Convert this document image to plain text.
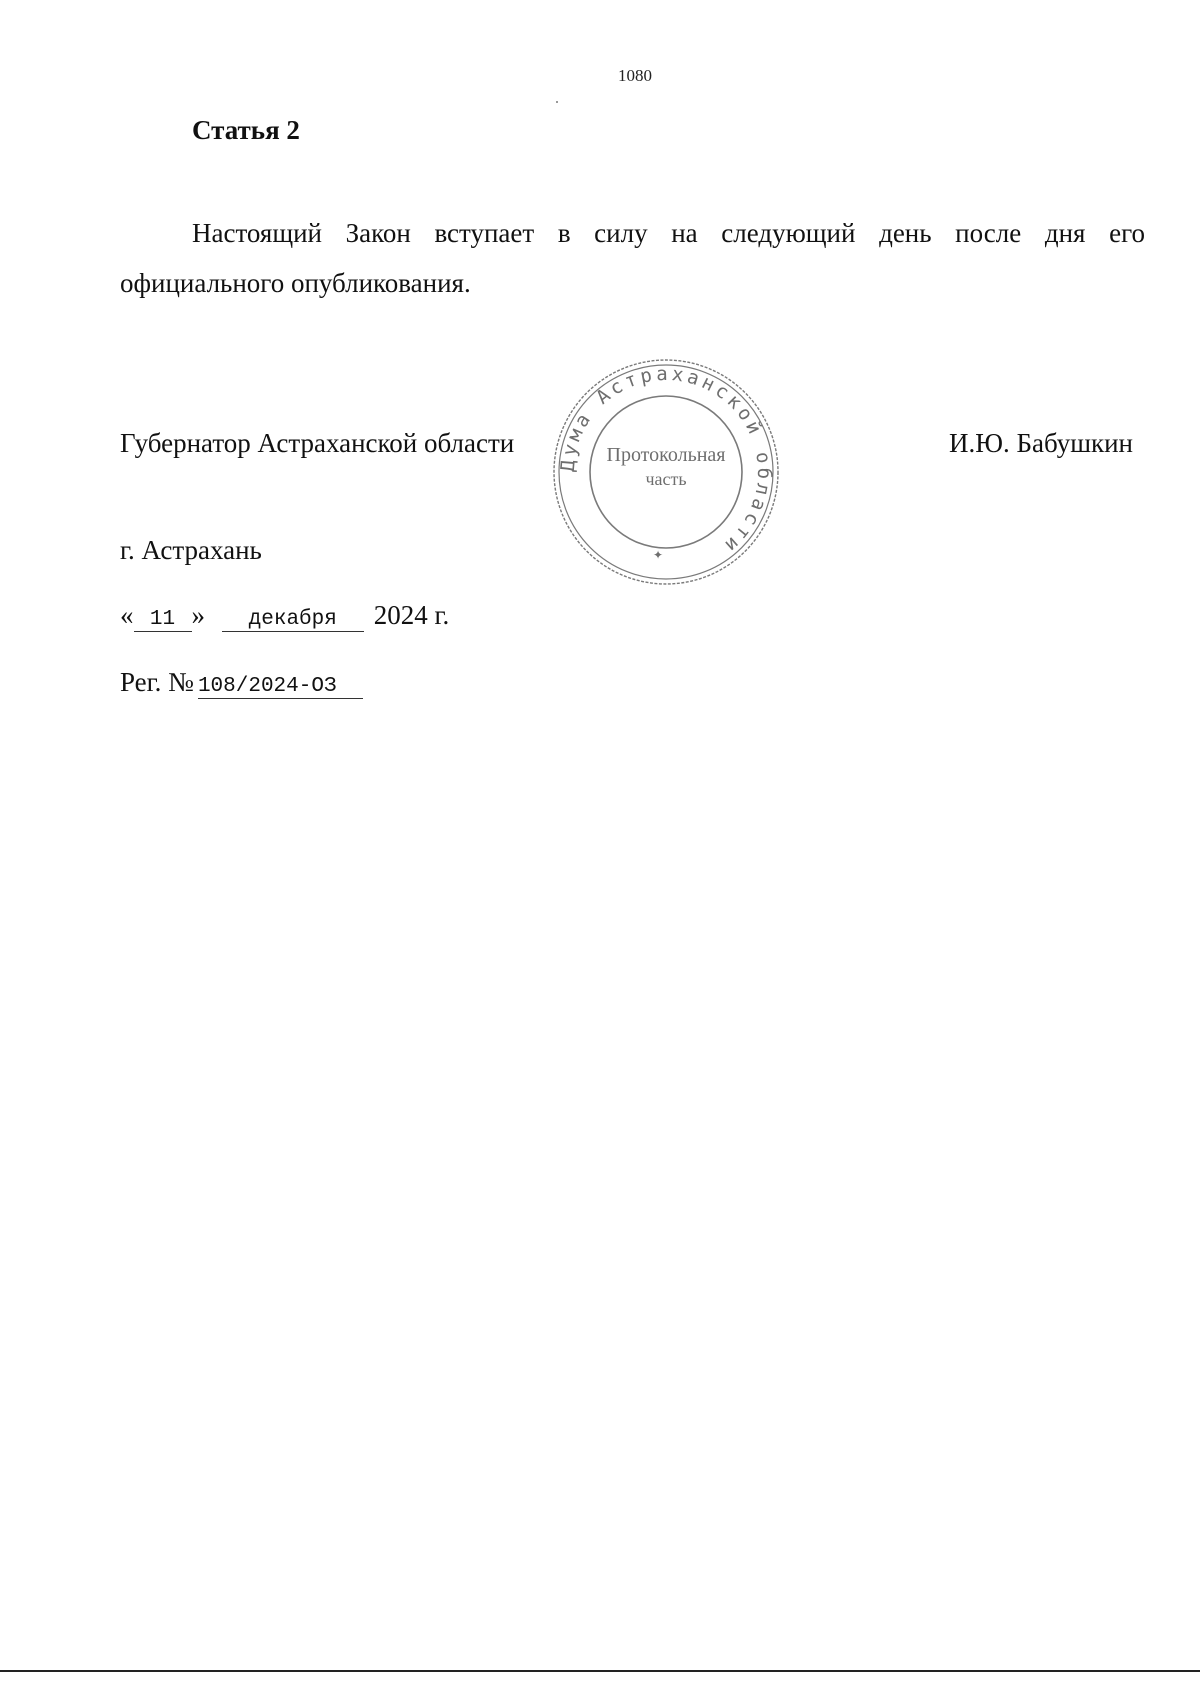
1080
Статья 2

Настоящий Закон вступает в силу на следующий день после дня его официального опубликования.

Губернатор Астраханской области
Дума Астраханской области
Протокольная
часть
✦
И.Ю. Бабушкин
г. Астрахань
« 11 » декабря 2024 г.
Рег. № 108/2024-ОЗ
